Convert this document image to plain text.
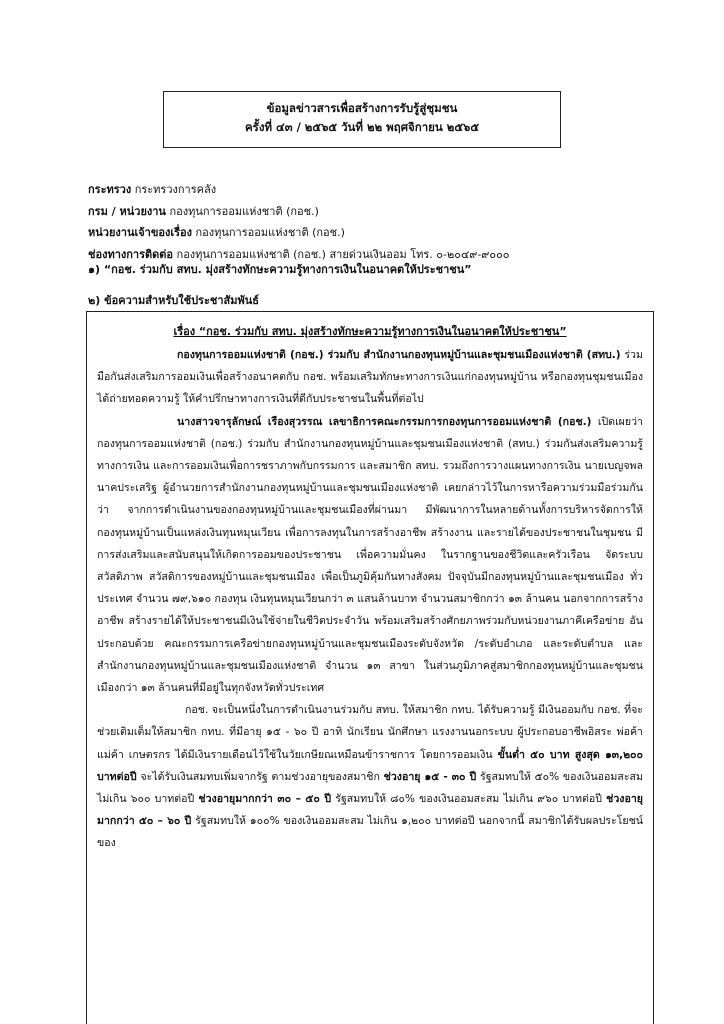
ข้อมูลข่าวสารเพื่อสร้างการรับรู้สู่ชุมชน
ครั้งที่ ๔๓ / ๒๕๖๕ วันที่ ๒๒ พฤศจิกายน ๒๕๖๕
กระทรวง กระทรวงการคลัง
กรม / หน่วยงาน กองทุนการออมแห่งชาติ (กอช.)
หน่วยงานเจ้าของเรื่อง กองทุนการออมแห่งชาติ (กอช.)
ช่องทางการติดต่อ กองทุนการออมแห่งชาติ (กอช.) สายด่วนเงินออม โทร. ๐-๒๐๔๙-๙๐๐๐
๑) “กอช. ร่วมกับ สทบ. มุ่งสร้างทักษะความรู้ทางการเงินในอนาคตให้ประชาชน”
๒) ข้อความสำหรับใช้ประชาสัมพันธ์
เรื่อง “กอช. ร่วมกับ สทบ. มุ่งสร้างทักษะความรู้ทางการเงินในอนาคตให้ประชาชน”

กองทุนการออมแห่งชาติ (กอช.) ร่วมกับ สำนักงานกองทุนหมู่บ้านและชุมชนเมืองแห่งชาติ (สทบ.) ร่วมมือกันส่งเสริมการออมเงินเพื่อสร้างอนาคตกับ กอช. พร้อมเสริมทักษะทางการเงินแก่กองทุนหมู่บ้าน หรือกองทุนชุมชนเมือง ได้ถ่ายทอดความรู้ ให้คำปรึกษาทางการเงินที่ดีกับประชาชนในพื้นที่ต่อไป

นางสาวจารุลักษณ์ เรืองสุวรรณ เลขาธิการคณะกรรมการกองทุนการออมแห่งชาติ (กอช.) เปิดเผยว่า กองทุนการออมแห่งชาติ (กอช.) ร่วมกับ สำนักงานกองทุนหมู่บ้านและชุมชนเมืองแห่งชาติ (สทบ.) ร่วมกันส่งเสริมความรู้ทางการเงิน และการออมเงินเพื่อการชราภาพกับกรรมการ และสมาชิก สทบ. รวมถึงการวางแผนทางการเงิน นายเบญจพล นาคประเสริฐ ผู้อำนวยการสำนักงานกองทุนหมู่บ้านและชุมชนเมืองแห่งชาติ เคยกล่าวไว้ในการหารือความร่วมมือร่วมกันว่า จากการดำเนินงานของกองทุนหมู่บ้านและชุมชนเมืองที่ผ่านมา มีพัฒนาการในหลายด้านทั้งการบริหารจัดการให้กองทุนหมู่บ้านเป็นแหล่งเงินทุนหมุนเวียน เพื่อการลงทุนในการสร้างอาชีพ สร้างงาน และรายได้ของประชาชนในชุมชน มีการส่งเสริมและสนับสนุนให้เกิดการออมของประชาชน เพื่อความมั่นคง ในรากฐานของชีวิตและครัวเรือน จัดระบบสวัสดิภาพ สวัสดิการของหมู่บ้านและชุมชนเมือง เพื่อเป็นภูมิคุ้มกันทางสังคม ปัจจุบันมีกองทุนหมู่บ้านและชุมชนเมือง ทั่วประเทศ จำนวน ๗๙,๖๑๐ กองทุน เงินทุนหมุนเวียนกว่า ๓ แสนล้านบาท จำนวนสมาชิกกว่า ๑๓ ล้านคน นอกจากการสร้างอาชีพ สร้างรายได้ให้ประชาชนมีเงินใช้จ่ายในชีวิตประจำวัน พร้อมเสริมสร้างศักยภาพร่วมกับหน่วยงานภาคีเครือข่าย อันประกอบด้วย คณะกรรมการเครือข่ายกองทุนหมู่บ้านและชุมชนเมืองระดับจังหวัด /ระดับอำเภอ และระดับตำบล และสำนักงานกองทุนหมู่บ้านและชุมชนเมืองแห่งชาติ จำนวน ๑๓ สาขา ในส่วนภูมิภาคสู่สมาชิกกองทุนหมู่บ้านและชุมชนเมืองกว่า ๑๓ ล้านคนที่มีอยู่ในทุกจังหวัดทั่วประเทศ

กอช. จะเป็นหนึ่งในการดำเนินงานร่วมกับ สทบ. ให้สมาชิก กทบ. ได้รับความรู้ มีเงินออมกับ กอช. ที่จะช่วยเติมเต็มให้สมาชิก กทบ. ที่มีอายุ ๑๕ - ๖๐ ปี อาทิ นักเรียน นักศึกษา แรงงานนอกระบบ ผู้ประกอบอาชีพอิสระ พ่อค้า แม่ค้า เกษตรกร ได้มีเงินรายเดือนไว้ใช้ในวัยเกษียณเหมือนข้าราชการ โดยการออมเงิน ขั้นต่ำ ๕๐ บาท สูงสุด ๑๓,๒๐๐ บาทต่อปี จะได้รับเงินสมทบเพิ่มจากรัฐ ตามช่วงอายุของสมาชิก ช่วงอายุ ๑๕ - ๓๐ ปี รัฐสมทบให้ ๕๐% ของเงินออมสะสม ไม่เกิน ๖๐๐ บาทต่อปี ช่วงอายุมากกว่า ๓๐ – ๕๐ ปี รัฐสมทบให้ ๘๐% ของเงินออมสะสม ไม่เกิน ๙๖๐ บาทต่อปี ช่วงอายุมากกว่า ๕๐ – ๖๐ ปี รัฐสมทบให้ ๑๐๐% ของเงินออมสะสม ไม่เกิน ๑,๒๐๐ บาทต่อปี นอกจากนี้ สมาชิกได้รับผลประโยชน์ของ
